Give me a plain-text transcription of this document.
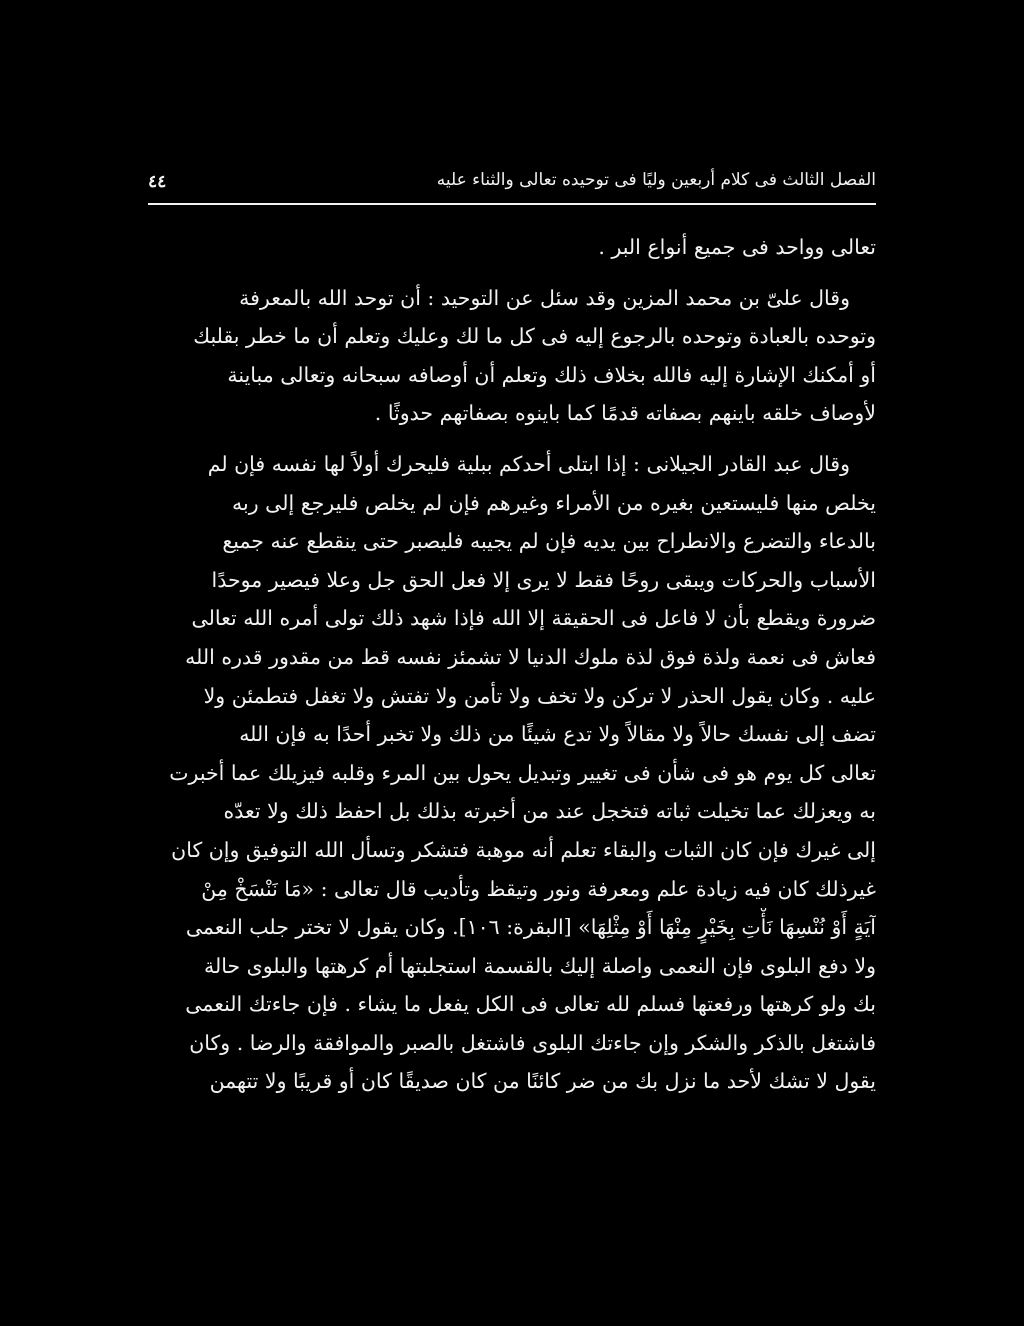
الفصل الثالث فى كلام أربعين وليًا فى توحيده تعالى والثناء عليه
٤٤
تعالى وواحد فى جميع أنواع البر .
وقال علىّ بن محمد المزين وقد سئل عن التوحيد : أن توحد الله بالمعرفة
وتوحده بالعبادة وتوحده بالرجوع إليه فى كل ما لك وعليك وتعلم أن ما خطر بقلبك
أو أمكنك الإشارة إليه فالله بخلاف ذلك وتعلم أن أوصافه سبحانه وتعالى مباينة
لأوصاف خلقه باينهم بصفاته قدمًا كما باينوه بصفاتهم حدوثًا .
وقال عبد القادر الجيلانى : إذا ابتلى أحدكم ببلية فليحرك أولاً لها نفسه فإن لم
يخلص منها فليستعين بغيره من الأمراء وغيرهم فإن لم يخلص فليرجع إلى ربه
بالدعاء والتضرع والانطراح بين يديه فإن لم يجيبه فليصبر حتى ينقطع عنه جميع
الأسباب والحركات ويبقى روحًا فقط لا يرى إلا فعل الحق جل وعلا فيصير موحدًا
ضرورة ويقطع بأن لا فاعل فى الحقيقة إلا الله فإذا شهد ذلك تولى أمره الله تعالى
فعاش فى نعمة ولذة فوق لذة ملوك الدنيا لا تشمئز نفسه قط من مقدور قدره الله
عليه . وكان يقول الحذر لا تركن ولا تخف ولا تأمن ولا تفتش ولا تغفل فتطمئن ولا
تضف إلى نفسك حالاً ولا مقالاً ولا تدع شيئًا من ذلك ولا تخبر أحدًا به فإن الله
تعالى كل يوم هو فى شأن فى تغيير وتبديل يحول بين المرء وقلبه فيزيلك عما أخبرت
به ويعزلك عما تخيلت ثباته فتخجل عند من أخبرته بذلك بل احفظ ذلك ولا تعدّه
إلى غيرك فإن كان الثبات والبقاء تعلم أنه موهبة فتشكر وتسأل الله التوفيق وإن كان
غيرذلك كان فيه زيادة علم ومعرفة ونور وتيقظ وتأديب قال تعالى : «مَا نَنْسَخْ مِنْ
آيَةٍ أَوْ نُنْسِهَا نَأْتِ بِخَيْرٍ مِنْهَا أَوْ مِثْلِهَا» [البقرة: ١٠٦]. وكان يقول لا تختر جلب النعمى
ولا دفع البلوى فإن النعمى واصلة إليك بالقسمة استجلبتها أم كرهتها والبلوى حالة
بك ولو كرهتها ورفعتها فسلم لله تعالى فى الكل يفعل ما يشاء . فإن جاءتك النعمى
فاشتغل بالذكر والشكر وإن جاءتك البلوى فاشتغل بالصبر والموافقة والرضا . وكان
يقول لا تشك لأحد ما نزل بك من ضر كائنًا من كان صديقًا كان أو قريبًا ولا تتهمن
